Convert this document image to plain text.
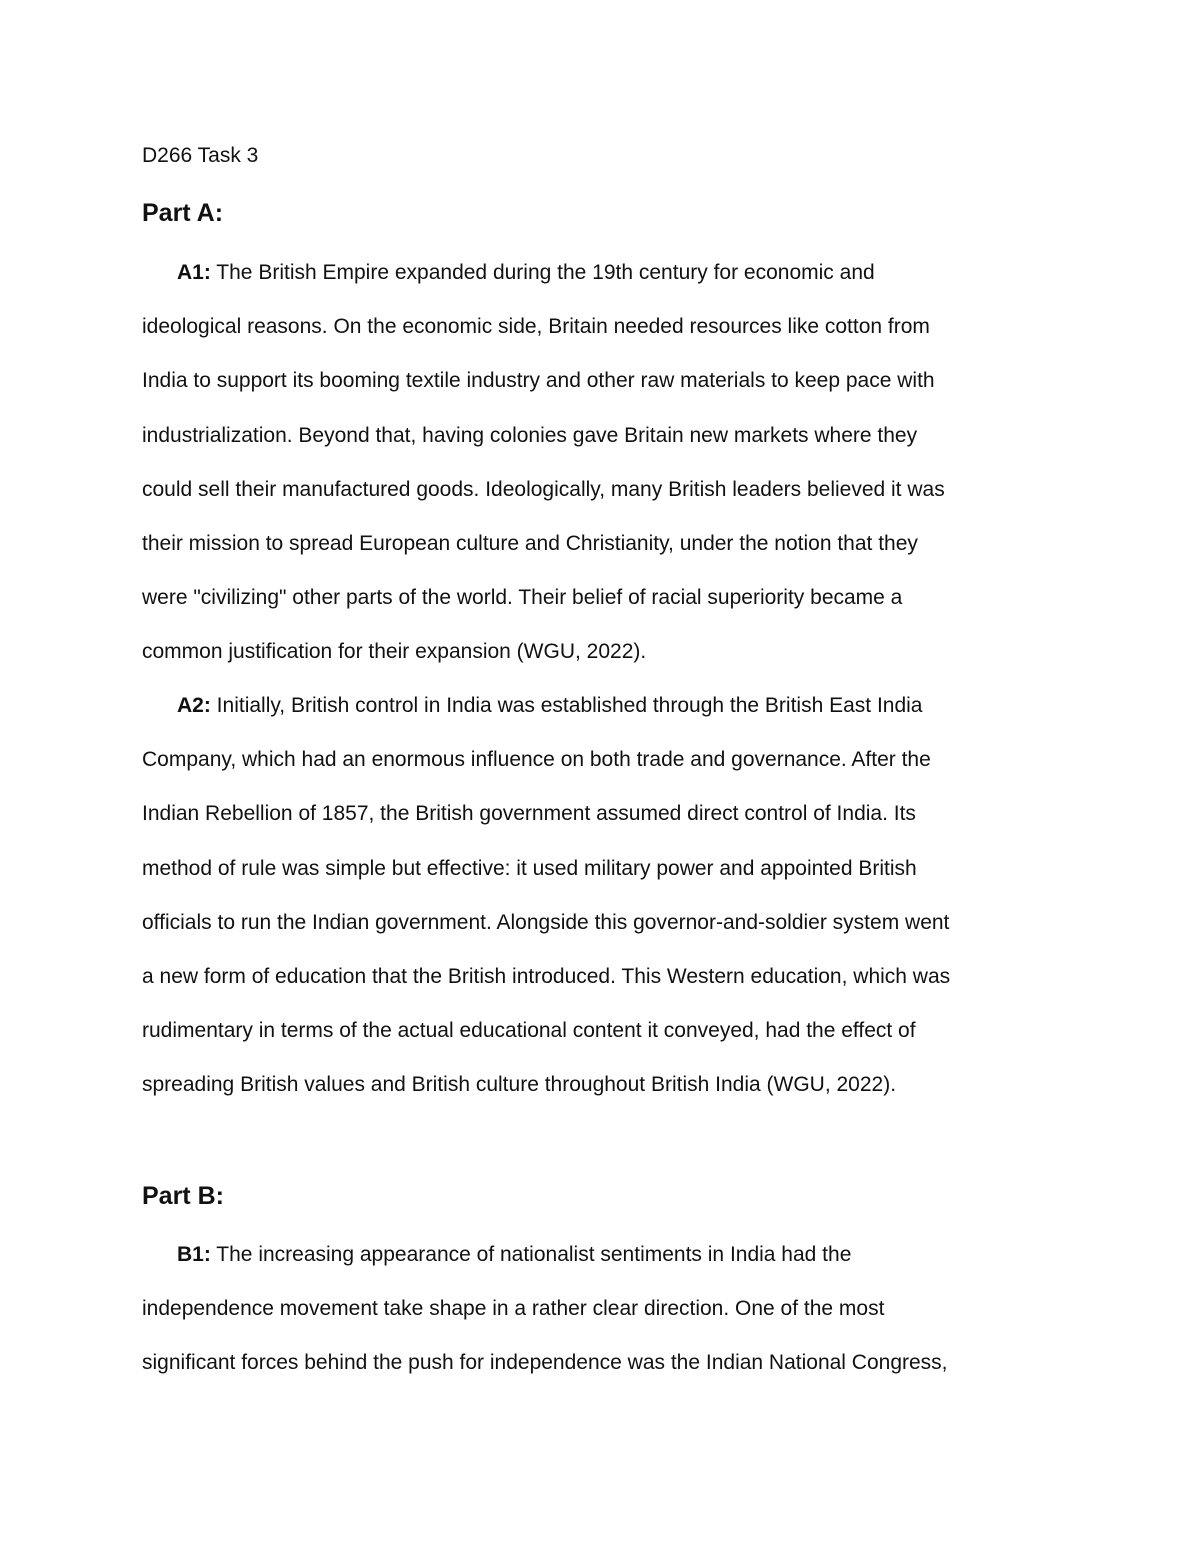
D266 Task 3
Part A:
A1: The British Empire expanded during the 19th century for economic and
ideological reasons. On the economic side, Britain needed resources like cotton from
India to support its booming textile industry and other raw materials to keep pace with
industrialization. Beyond that, having colonies gave Britain new markets where they
could sell their manufactured goods. Ideologically, many British leaders believed it was
their mission to spread European culture and Christianity, under the notion that they
were "civilizing" other parts of the world. Their belief of racial superiority became a
common justification for their expansion (WGU, 2022).
A2: Initially, British control in India was established through the British East India
Company, which had an enormous influence on both trade and governance. After the
Indian Rebellion of 1857, the British government assumed direct control of India. Its
method of rule was simple but effective: it used military power and appointed British
officials to run the Indian government. Alongside this governor-and-soldier system went
a new form of education that the British introduced. This Western education, which was
rudimentary in terms of the actual educational content it conveyed, had the effect of
spreading British values and British culture throughout British India (WGU, 2022).
Part B:
B1: The increasing appearance of nationalist sentiments in India had the
independence movement take shape in a rather clear direction. One of the most
significant forces behind the push for independence was the Indian National Congress,
